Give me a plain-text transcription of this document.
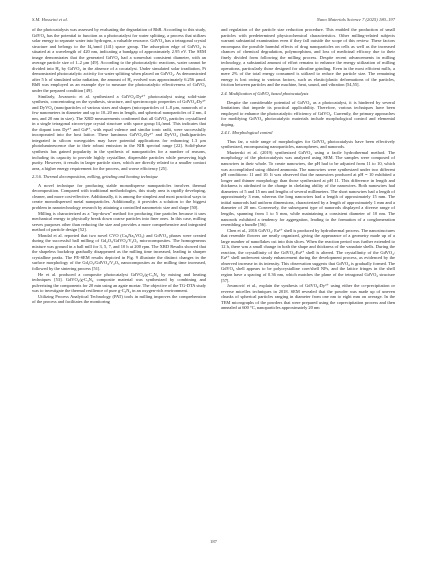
S.M. Hosseini et al.	Nano Materials Science 7 (2025) 180–197

of the photocatalysts was assessed by evaluating the degradation of RhB. According to this study, GdVO₄ has the potential to function as a photocatalyst for water splitting, a process that utilizes solar energy to separate water into hydrogen, a valuable resource. GdVO₄ has a tetragonal crystal structure and belongs to the I4₁/amd (141) space group. The adsorption edge of GdVO₄ is situated at a wavelength of 420 nm, indicating a bandgap of approximately 2.95 eV. The SEM image demonstrates that the generated GdVO₄ had a somewhat consistent diameter, with an average particle size of 1–2 μm [49]. According to the photocatalytic reactions, water cannot be divided into H₂ by GdVO₄ in the absence of a cocatalyst. Under simulated solar irradiation, Pt demonstrated photocatalytic activity for water splitting when placed on GdVO₄. As demonstrated after 5 h of simulated solar radiation, the amount of H₂ evolved was approximately 6.256 μmol. RhB was employed as an example dye to measure the photocatalytic effectiveness of GdVO₄ under the prepared condition [49].

Similarly, Jovanovic et al. synthesized a GdVO₄:Dy³⁺ photocatalyst using solid-state synthesis, concentrating on the synthesis, structure, and spectroscopic properties of GdVO₄:Dy³⁺ and DyVO₄ (nano)particles of various sizes and shapes (microparticles of 1–8 μm, nanorods of a few nanometers in diameter and up to 10–20 nm in length, and spherical nanoparticles of 2 nm, 4 nm, and 20 nm in size). The XRD measurements confirmed that all GdVO₄ particles crystallized in a single tetragonal zircon-type crystal structure with space group I4₁/amd. This indicates that the dopant ions Dy³⁺ and Gd³⁺, with equal valence and similar ionic radii, were successfully incorporated into the host lattice. These luminous GdVO₄:Dy³⁺ and DyVO₄ (bulk)particles integrated in silicon waveguides may have potential applications for enhancing 1.3 μm photoluminescence due to their robust emission in the NIR spectral range [22]. Solid-phase synthesis has gained popularity in the synthesis of nanoparticles for a number of reasons, including its capacity to provide highly crystalline, dispersible particles while preserving high purity. However, it results in larger particle sizes, which are directly related to a smaller contact area, a higher energy requirement for the process, and worse efficiency [25].

2.3.6. Thermal decomposition, milling, grinding and heating technique

A novel technique for producing stable monodisperse nanoparticles involves thermal decomposition. Compared with traditional methodologies, this study area is rapidly developing, cleaner, and more cost-effective. Additionally, it is among the simplest and most practical ways to create monodispersed metal nanoparticles. Additionally, it provides a solution to the biggest problem in nanotechnology research by attaining a controlled nanometric size and shape [50].

Milling is characterized as a "top-down" method for producing fine particles because it uses mechanical energy to physically break down coarse particles into finer ones. In this case, milling serves purposes other than reducing the size and provides a more comprehensive and integrated method of particle design [52].

Mondal et al. reported that two novel CVO (Ca₂Na₂VO₅) and GdVO₄ phases were created during the successful ball milling of Gd₂O₃/GdVO₄/V₂O₅ microcomposites. The homogeneous mixture was ground in a ball mill for 3, 5, 7, and 10 h at 200 rpm. The XRD Results showed that the shapeless backdrop gradually disappeared as the milling time increased, leading to sharper crystalline peaks. The FE-SEM results depicted in Fig. 9 illustrate the distinct changes in the surface morphology of the Gd₂O₃/GdVO₄/V₂O₅ nanocomposites as the milling time increased, followed by the sintering process [51].

He et al. produced a composite photocatalyst GdVO₄/g-C₃N₄ by mixing and heating techniques [53]. GdVO₄/g-C₃N₄ composite material was synthesized by combining and pulverizing the components for 20 min using an agate mortar. The objective of the TG-DTA study was to investigate the thermal resilience of pure g-C₃N₄ in an oxygen-rich environment.

Utilizing Process Analytical Technology (PAT) tools in milling improves the comprehension of the process and facilitates the monitoring

and regulation of the particle size reduction procedure. This enabled the production of small particles with predetermined physicochemical characteristics. Other milling-related subjects warrant substantial examination even if they fall outside the scope of this review. These factors encompass the possible harmful effects of drug nanoparticles on cells as well as the increased chances of chemical degradation, polymorphism, and loss of medicinal efficacy due to their finely divided form following the milling process. Despite recent advancements in milling technology, a substantial amount of effort remains to enhance the energy utilization of milling operations, particularly those designed for ultrafine grinding. Even in the most efficient mills, a mere 2% of the total energy consumed is utilized to reduce the particle size. The remaining energy is lost owing to various factors, such as elastic/plastic deformations of the particles, friction between particles and the machine, heat, sound, and vibration [54,55].

2.4. Modification of GdVO₄ based photocatalysts

Despite the considerable potential of GdVO₄ as a photocatalyst, it is hindered by several limitations that impede its practical applicability. Therefore, various techniques have been employed to enhance the photocatalytic efficiency of GdVO₄. Currently, the primary approaches for modifying GdVO₄ photocatalytic materials include morphological control and elemental doping.

2.4.1. Morphological control

Thus far, a wide range of morphologies for GdVO₄ photocatalysts have been effectively synthesized, encompassing nanoparticles, nanospheres, and nanorods.

Mazierski et al. (2019) synthesized GdVO₄ using a facile hydrothermal method. The morphology of the photocatalysts was analyzed using SEM. The samples were composed of nanowires in their whole. To create nanowires, the pH had to be adjusted from 11 to 10, which was accomplished using diluted ammonia. The nanowires were synthesized under two different pH conditions: 11 and 10. It was observed that the nanowires produced at pH = 10 exhibited a longer and thinner morphology than those synthesized at pH 11. This difference in length and thickness is attributed to the change in chelating ability of the nanowires. Both nanowires had diameters of 5 and 15 nm and lengths of several millimeters. The short nanowires had a length of approximately 3 mm, whereas the long nanowires had a length of approximately 15 mm. The initial nanorods had uniform dimensions, characterized by a length of approximately 1 mm and a diameter of 20 nm. Conversely, the subsequent type of nanorods displayed a diverse range of lengths, spanning from 1 to 5 mm, while maintaining a consistent diameter of 10 nm. The nanorods exhibited a tendency for aggregation, leading to the formation of a conglomeration resembling a bundle [56].

Chen et al., 2016 GdVO₄: Eu³⁺ shell is produced by hydrothermal process. The nanostructures that resemble flowers are neatly organized, giving the appearance of a geometry made up of a large number of nanoflakes cut into thin slices. When the reaction period was further extended to 12 h, there was a small change in both the shape and thickness of the vanadate shells. During the reaction, the crystallinity of the GdVO₄:Eu³⁺ shell is altered. The crystallinity of the GdVO₄: Eu³⁺ shell underwent steady enhancement during the development process, as evidenced by the observed increase in its intensity. This observation suggests that GdVO₄ is gradually formed. The GdVO₄ shell appears to be polycrystalline core/shell NPs, and the lattice fringes in the shell region have a spacing of 0.36 nm, which matches the plane of the tetragonal GdVO₄ structure [57].

Jovanović et al., explain the synthesis of GdVO₄:Dy³⁺ using either the co-precipitation or reverse micelles techniques in 2018. SEM revealed that the powder was made up of uneven chunks of spherical particles ranging in diameter from one nm to eight mm on average. In the TEM micrographs of the powders that were prepared using the coprecipitation process and then annealed at 600 °C, nanoparticles approximately 20 nm

187
